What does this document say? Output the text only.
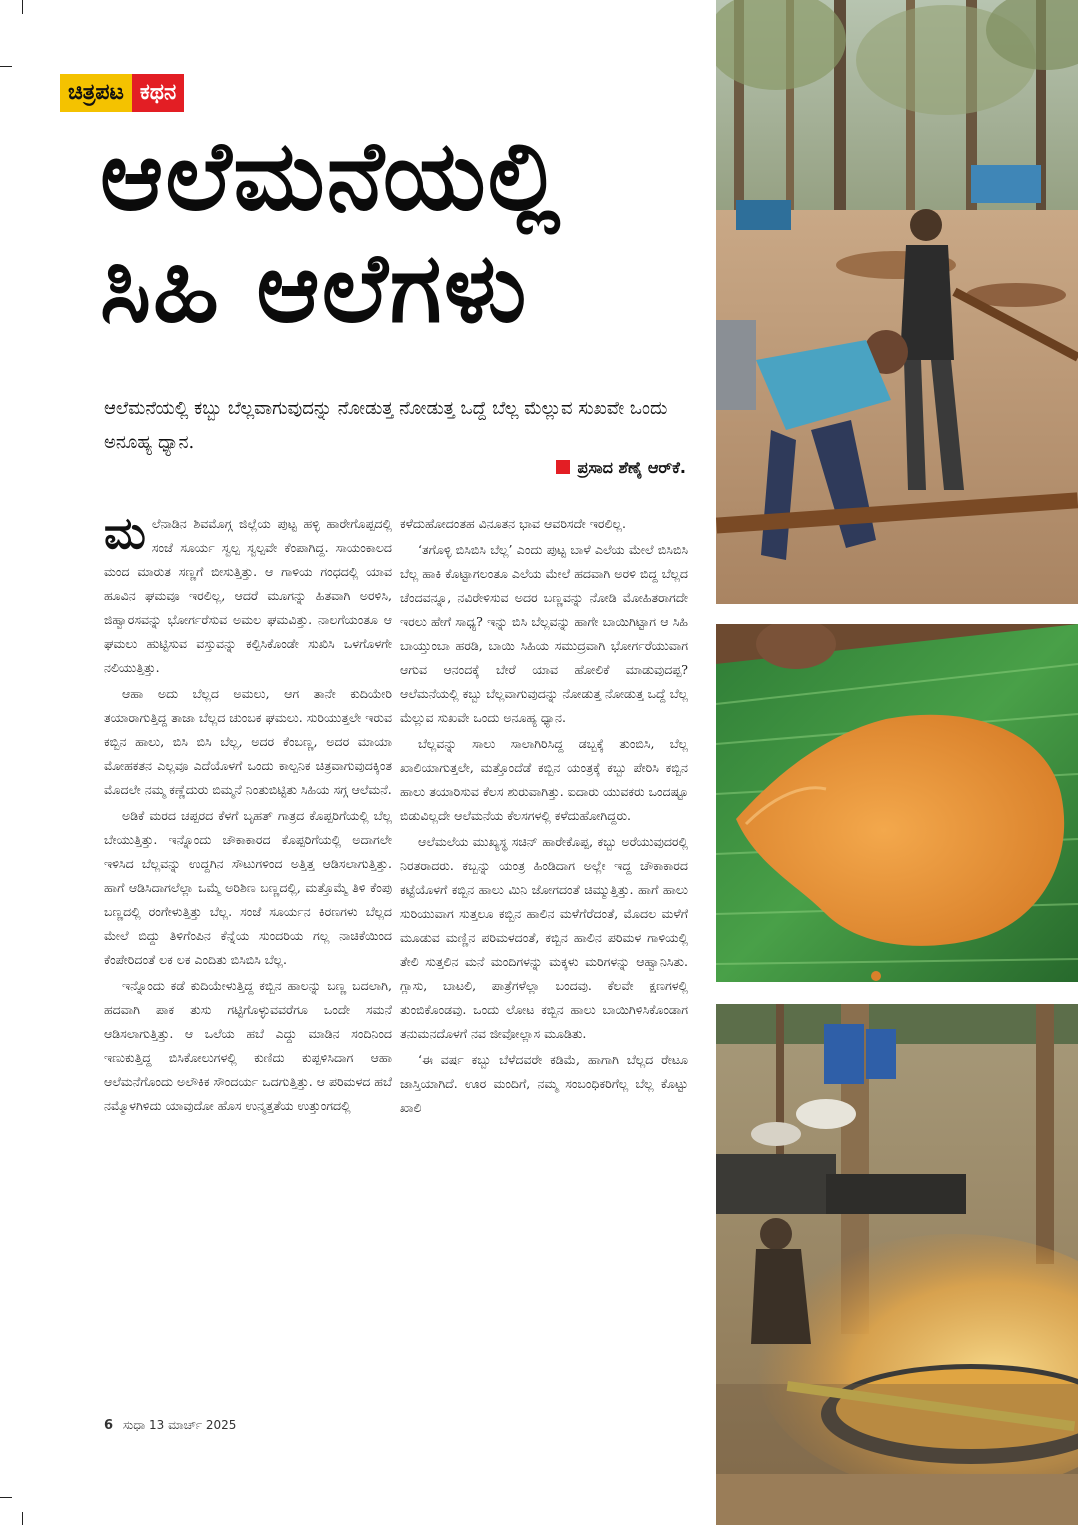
ಚಿತ್ರಪಟ ಕಥನ
ಆಲೆಮನೆಯಲ್ಲಿ
ಸಿಹಿ ಆಲೆಗಳು

ಆಲೆಮನೆಯಲ್ಲಿ ಕಬ್ಬು ಬೆಲ್ಲವಾಗುವುದನ್ನು ನೋಡುತ್ತ ನೋಡುತ್ತ ಒದ್ದೆ ಬೆಲ್ಲ ಮೆಲ್ಲುವ ಸುಖವೇ ಒಂದು ಅನೂಹ್ಯ ಧ್ಯಾನ.

ಪ್ರಸಾದ ಶೆಣೈ ಆರ್‌ಕೆ.

ಮಲೆನಾಡಿನ ಶಿವಮೊಗ್ಗ ಜಿಲ್ಲೆಯ ಪುಟ್ಟ ಹಳ್ಳಿ ಹಾರೇಗೊಪ್ಪದಲ್ಲಿ ಸಂಜೆ ಸೂರ್ಯ ಸ್ವಲ್ಪ ಸ್ವಲ್ಪವೇ ಕೆಂಪಾಗಿದ್ದ. ಸಾಯಂಕಾಲದ ಮಂದ ಮಾರುತ ಸಣ್ಣಗೆ ಬೀಸುತ್ತಿತ್ತು. ಆ ಗಾಳಿಯ ಗಂಧದಲ್ಲಿ ಯಾವ ಹೂವಿನ ಘಮವೂ ಇರಲಿಲ್ಲ, ಆದರೆ ಮೂಗನ್ನು ಹಿತವಾಗಿ ಅರಳಿಸಿ, ಜಿಹ್ವಾರಸವನ್ನು ಭೋರ್ಗರೆಸುವ ಅಮಲ ಘಮವಿತ್ತು. ನಾಲಗೆಯಂತೂ ಆ ಘಮಲು ಹುಟ್ಟಿಸುವ ವಸ್ತುವನ್ನು ಕಲ್ಪಿಸಿಕೊಂಡೇ ಸುಖಿಸಿ ಒಳಗೊಳಗೇ ನಲಿಯುತ್ತಿತ್ತು.

ಆಹಾ ಅದು ಬೆಲ್ಲದ ಅಮಲು, ಆಗ ತಾನೇ ಕುದಿಯೇರಿ ತಯಾರಾಗುತ್ತಿದ್ದ ತಾಜಾ ಬೆಲ್ಲದ ಚುಂಬಕ ಘಮಲು. ಸುರಿಯುತ್ತಲೇ ಇರುವ ಕಬ್ಬಿನ ಹಾಲು, ಬಿಸಿ ಬಿಸಿ ಬೆಲ್ಲ, ಅದರ ಕೆಂಬಣ್ಣ, ಅದರ ಮಾಯಾ ಮೋಹಕತನ ಎಲ್ಲವೂ ಎದೆಯೊಳಗೆ ಒಂದು ಕಾಲ್ಪನಿಕ ಚಿತ್ರವಾಗುವುದಕ್ಕಿಂತ ಮೊದಲೇ ನಮ್ಮ ಕಣ್ಣೆದುರು ಬಿಮ್ಮನೆ ನಿಂತುಬಿಟ್ಟಿತು ಸಿಹಿಯ ಸಗ್ಗ ಆಲೆಮನೆ.

ಅಡಿಕೆ ಮರದ ಚಪ್ಪರದ ಕೆಳಗೆ ಬೃಹತ್ ಗಾತ್ರದ ಕೊಪ್ಪರಿಗೆಯಲ್ಲಿ ಬೆಲ್ಲ ಬೇಯುತ್ತಿತ್ತು. ಇನ್ನೊಂದು ಚೌಕಾಕಾರದ ಕೊಪ್ಪರಿಗೆಯಲ್ಲಿ ಅದಾಗಲೇ ಇಳಿಸಿದ ಬೆಲ್ಲವನ್ನು ಉದ್ದಗಿನ ಸೌಟುಗಳಿಂದ ಅತ್ತಿತ್ತ ಆಡಿಸಲಾಗುತ್ತಿತ್ತು. ಹಾಗೆ ಆಡಿಸಿದಾಗಲೆಲ್ಲಾ ಒಮ್ಮೆ ಅರಿಶಿಣ ಬಣ್ಣದಲ್ಲಿ, ಮತ್ತೊಮ್ಮೆ ತಿಳಿ ಕೆಂಪು ಬಣ್ಣದಲ್ಲಿ ರಂಗೇಳುತ್ತಿತ್ತು ಬೆಲ್ಲ. ಸಂಜೆ ಸೂರ್ಯನ ಕಿರಣಗಳು ಬೆಲ್ಲದ ಮೇಲೆ ಬಿದ್ದು ತಿಳಿಗೆಂಪಿನ ಕೆನ್ನೆಯ ಸುಂದರಿಯ ಗಲ್ಲ ನಾಚಿಕೆಯಿಂದ ಕೆಂಪೇರಿದಂತೆ ಲಕ ಲಕ ಎಂದಿತು ಬಿಸಿಬಿಸಿ ಬೆಲ್ಲ.

ಇನ್ನೊಂದು ಕಡೆ ಕುದಿಯೇಳುತ್ತಿದ್ದ ಕಬ್ಬಿನ ಹಾಲನ್ನು ಬಣ್ಣ ಬದಲಾಗಿ, ಹದವಾಗಿ ಪಾಕ ತುಸು ಗಟ್ಟಿಗೊಳ್ಳುವವರೆಗೂ ಒಂದೇ ಸಮನೆ ಆಡಿಸಲಾಗುತ್ತಿತ್ತು. ಆ ಒಲೆಯ ಹಬೆ ಎದ್ದು ಮಾಡಿನ ಸಂದಿನಿಂದ ಇಣುಕುತ್ತಿದ್ದ ಬಿಸಿಕೋಲುಗಳಲ್ಲಿ ಕುಣಿದು ಕುಪ್ಪಳಿಸಿದಾಗ ಆಹಾ ಆಲೆಮನೆಗೊಂದು ಅಲೌಕಿಕ ಸೌಂದರ್ಯ ಒದಗುತ್ತಿತ್ತು. ಆ ಪರಿಮಳದ ಹಬೆ ನಮ್ಮೊಳಗಿಳಿದು ಯಾವುದೋ ಹೊಸ ಉನ್ಮತ್ತತೆಯ ಉತ್ತುಂಗದಲ್ಲಿ

ಕಳೆದುಹೋದಂತಹ ವಿನೂತನ ಭಾವ ಆವರಿಸದೇ ಇರಲಿಲ್ಲ.

‘ತಗೊಳ್ಳಿ ಬಿಸಿಬಿಸಿ ಬೆಲ್ಲ’ ಎಂದು ಪುಟ್ಟ ಬಾಳೆ ಎಲೆಯ ಮೇಲೆ ಬಿಸಿಬಿಸಿ ಬೆಲ್ಲ ಹಾಕಿ ಕೊಟ್ಟಾಗಲಂತೂ ಎಲೆಯ ಮೇಲೆ ಹದವಾಗಿ ಅರಳಿ ಬಿದ್ದ ಬೆಲ್ಲದ ಚೆಂದವನ್ನೂ, ನವಿರೇಳಿಸುವ ಅದರ ಬಣ್ಣವನ್ನು ನೋಡಿ ಮೋಹಿತರಾಗದೇ ಇರಲು ಹೇಗೆ ಸಾಧ್ಯ? ಇನ್ನು ಬಿಸಿ ಬೆಲ್ಲವನ್ನು ಹಾಗೇ ಬಾಯಿಗಿಟ್ಟಾಗ ಆ ಸಿಹಿ ಬಾಯ್ತುಂಬಾ ಹರಡಿ, ಬಾಯಿ ಸಿಹಿಯ ಸಮುದ್ರವಾಗಿ ಭೋರ್ಗರೆಯುವಾಗ ಆಗುವ ಆನಂದಕ್ಕೆ ಬೇರೆ ಯಾವ ಹೋಲಿಕೆ ಮಾಡುವುದಪ್ಪ? ಆಲೆಮನೆಯಲ್ಲಿ ಕಬ್ಬು ಬೆಲ್ಲವಾಗುವುದನ್ನು ನೋಡುತ್ತ ನೋಡುತ್ತ ಒದ್ದೆ ಬೆಲ್ಲ ಮೆಲ್ಲುವ ಸುಖವೇ ಒಂದು ಅನೂಹ್ಯ ಧ್ಯಾನ.

ಬೆಲ್ಲವನ್ನು ಸಾಲು ಸಾಲಾಗಿರಿಸಿದ್ದ ಡಬ್ಬಕ್ಕೆ ತುಂಬಿಸಿ, ಬೆಲ್ಲ ಖಾಲಿಯಾಗುತ್ತಲೇ, ಮತ್ತೊಂದೆಡೆ ಕಬ್ಬಿನ ಯಂತ್ರಕ್ಕೆ ಕಬ್ಬು ಪೇರಿಸಿ ಕಬ್ಬಿನ ಹಾಲು ತಯಾರಿಸುವ ಕೆಲಸ ಶುರುವಾಗಿತ್ತು. ಐದಾರು ಯುವಕರು ಒಂದಷ್ಟೂ ಬಿಡುವಿಲ್ಲದೇ ಆಲೆಮನೆಯ ಕೆಲಸಗಳಲ್ಲಿ ಕಳೆದುಹೋಗಿದ್ದರು.

ಆಲೆಮಲೆಯ ಮುಖ್ಯಸ್ಥ ಸಚಿನ್ ಹಾರೇಕೊಪ್ಪ, ಕಬ್ಬು ಅರೆಯುವುದರಲ್ಲಿ ನಿರತರಾದರು. ಕಬ್ಬನ್ನು ಯಂತ್ರ ಹಿಂಡಿದಾಗ ಅಲ್ಲೇ ಇದ್ದ ಚೌಕಾಕಾರದ ಕಟ್ಟೆಯೊಳಗೆ ಕಬ್ಬಿನ ಹಾಲು ಮಿನಿ ಜೋಗದಂತೆ ಚಿಮ್ಮುತ್ತಿತ್ತು. ಹಾಗೆ ಹಾಲು ಸುರಿಯುವಾಗ ಸುತ್ತಲೂ ಕಬ್ಬಿನ ಹಾಲಿನ ಮಳೆಗೆರೆದಂತೆ, ಮೊದಲ ಮಳೆಗೆ ಮೂಡುವ ಮಣ್ಣಿನ ಪರಿಮಳದಂತೆ, ಕಬ್ಬಿನ ಹಾಲಿನ ಪರಿಮಳ ಗಾಳಿಯಲ್ಲಿ ತೇಲಿ ಸುತ್ತಲಿನ ಮನೆ ಮಂದಿಗಳನ್ನು ಮಕ್ಕಳು ಮರಿಗಳನ್ನು ಆಹ್ವಾನಿಸಿತು. ಗ್ಲಾಸು, ಬಾಟಲಿ, ಪಾತ್ರೆಗಳೆಲ್ಲಾ ಬಂದವು. ಕೆಲವೇ ಕ್ಷಣಗಳಲ್ಲಿ ತುಂಬಿಕೊಂಡವು. ಒಂದು ಲೋಟ ಕಬ್ಬಿನ ಹಾಲು ಬಾಯಿಗಿಳಿಸಿಕೊಂಡಾಗ ತನುಮನದೊಳಗೆ ನವ ಜೀವೋಲ್ಲಾಸ ಮೂಡಿತು.

‘ಈ ವರ್ಷ ಕಬ್ಬು ಬೆಳೆದವರೇ ಕಡಿಮೆ, ಹಾಗಾಗಿ ಬೆಲ್ಲದ ರೇಟೂ ಜಾಸ್ತಿಯಾಗಿದೆ. ಊರ ಮಂದಿಗೆ, ನಮ್ಮ ಸಂಬಂಧಿಕರಿಗೆಲ್ಲ ಬೆಲ್ಲ ಕೊಟ್ಟು ಖಾಲಿ

6 ಸುಧಾ 13 ಮಾರ್ಚ್ 2025
